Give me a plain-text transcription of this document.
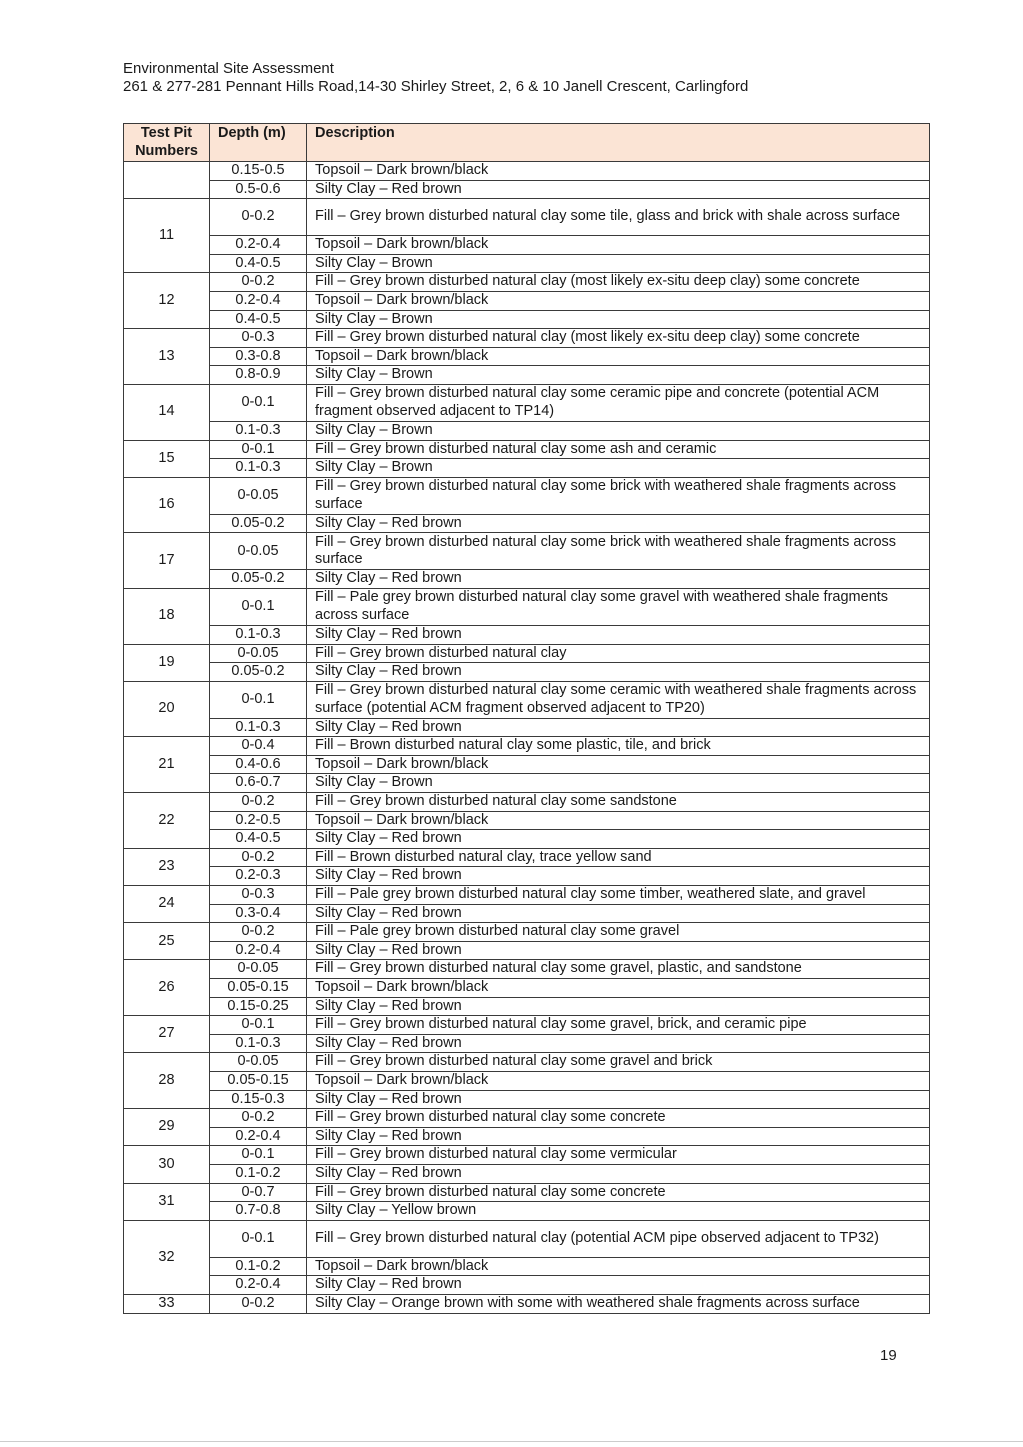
Environmental Site Assessment
261 & 277-281 Pennant Hills Road,14-30 Shirley Street, 2, 6 & 10 Janell Crescent, Carlingford
Test Pit Numbers	Depth (m)	Description
	0.15-0.5	Topsoil – Dark brown/black
	0.5-0.6	Silty Clay – Red brown
11	0-0.2	Fill – Grey brown disturbed natural clay some tile, glass and brick with shale across surface
	0.2-0.4	Topsoil – Dark brown/black
	0.4-0.5	Silty Clay – Brown
12	0-0.2	Fill – Grey brown disturbed natural clay (most likely ex-situ deep clay) some concrete
	0.2-0.4	Topsoil – Dark brown/black
	0.4-0.5	Silty Clay – Brown
13	0-0.3	Fill – Grey brown disturbed natural clay (most likely ex-situ deep clay) some concrete
	0.3-0.8	Topsoil – Dark brown/black
	0.8-0.9	Silty Clay – Brown
14	0-0.1	Fill – Grey brown disturbed natural clay some ceramic pipe and concrete (potential ACM fragment observed adjacent to TP14)
	0.1-0.3	Silty Clay – Brown
15	0-0.1	Fill – Grey brown disturbed natural clay some ash and ceramic
	0.1-0.3	Silty Clay – Brown
16	0-0.05	Fill – Grey brown disturbed natural clay some brick with weathered shale fragments across surface
	0.05-0.2	Silty Clay – Red brown
17	0-0.05	Fill – Grey brown disturbed natural clay some brick with weathered shale fragments across surface
	0.05-0.2	Silty Clay – Red brown
18	0-0.1	Fill – Pale grey brown disturbed natural clay some gravel with weathered shale fragments across surface
	0.1-0.3	Silty Clay – Red brown
19	0-0.05	Fill – Grey brown disturbed natural clay
	0.05-0.2	Silty Clay – Red brown
20	0-0.1	Fill – Grey brown disturbed natural clay some ceramic with weathered shale fragments across surface (potential ACM fragment observed adjacent to TP20)
	0.1-0.3	Silty Clay – Red brown
21	0-0.4	Fill – Brown disturbed natural clay some plastic, tile, and brick
	0.4-0.6	Topsoil – Dark brown/black
	0.6-0.7	Silty Clay – Brown
22	0-0.2	Fill – Grey brown disturbed natural clay some sandstone
	0.2-0.5	Topsoil – Dark brown/black
	0.4-0.5	Silty Clay – Red brown
23	0-0.2	Fill – Brown disturbed natural clay, trace yellow sand
	0.2-0.3	Silty Clay – Red brown
24	0-0.3	Fill – Pale grey brown disturbed natural clay some timber, weathered slate, and gravel
	0.3-0.4	Silty Clay – Red brown
25	0-0.2	Fill – Pale grey brown disturbed natural clay some gravel
	0.2-0.4	Silty Clay – Red brown
26	0-0.05	Fill – Grey brown disturbed natural clay some gravel, plastic, and sandstone
	0.05-0.15	Topsoil – Dark brown/black
	0.15-0.25	Silty Clay – Red brown
27	0-0.1	Fill – Grey brown disturbed natural clay some gravel, brick, and ceramic pipe
	0.1-0.3	Silty Clay – Red brown
28	0-0.05	Fill – Grey brown disturbed natural clay some gravel and brick
	0.05-0.15	Topsoil – Dark brown/black
	0.15-0.3	Silty Clay – Red brown
29	0-0.2	Fill – Grey brown disturbed natural clay some concrete
	0.2-0.4	Silty Clay – Red brown
30	0-0.1	Fill – Grey brown disturbed natural clay some vermicular
	0.1-0.2	Silty Clay – Red brown
31	0-0.7	Fill – Grey brown disturbed natural clay some concrete
	0.7-0.8	Silty Clay – Yellow brown
32	0-0.1	Fill – Grey brown disturbed natural clay (potential ACM pipe observed adjacent to TP32)
	0.1-0.2	Topsoil – Dark brown/black
	0.2-0.4	Silty Clay – Red brown
33	0-0.2	Silty Clay – Orange brown with some with weathered shale fragments across surface
19
